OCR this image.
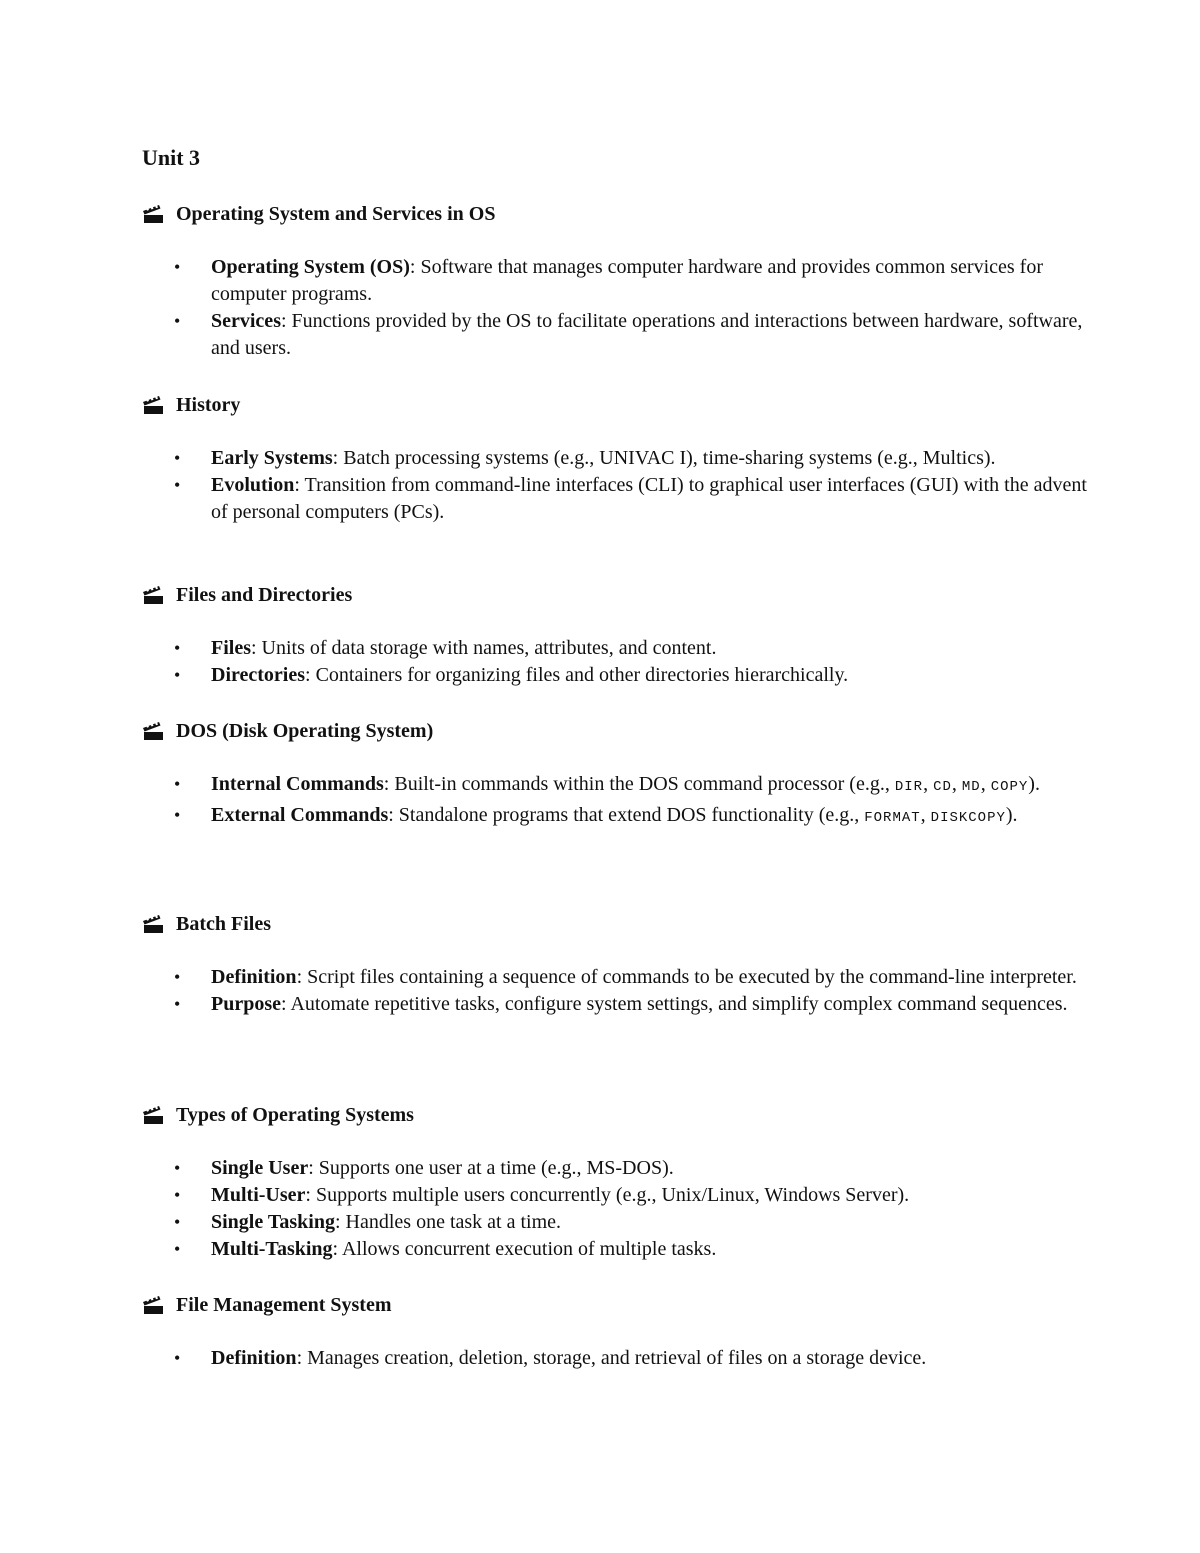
Unit 3
Operating System and Services in OS
• Operating System (OS): Software that manages computer hardware and provides common services for computer programs.
• Services: Functions provided by the OS to facilitate operations and interactions between hardware, software, and users.
History
• Early Systems: Batch processing systems (e.g., UNIVAC I), time-sharing systems (e.g., Multics).
• Evolution: Transition from command-line interfaces (CLI) to graphical user interfaces (GUI) with the advent of personal computers (PCs).
Files and Directories
• Files: Units of data storage with names, attributes, and content.
• Directories: Containers for organizing files and other directories hierarchically.
DOS (Disk Operating System)
• Internal Commands: Built-in commands within the DOS command processor (e.g., DIR, CD, MD, COPY).
• External Commands: Standalone programs that extend DOS functionality (e.g., FORMAT, DISKCOPY).
Batch Files
• Definition: Script files containing a sequence of commands to be executed by the command-line interpreter.
• Purpose: Automate repetitive tasks, configure system settings, and simplify complex command sequences.
Types of Operating Systems
• Single User: Supports one user at a time (e.g., MS-DOS).
• Multi-User: Supports multiple users concurrently (e.g., Unix/Linux, Windows Server).
• Single Tasking: Handles one task at a time.
• Multi-Tasking: Allows concurrent execution of multiple tasks.
File Management System
• Definition: Manages creation, deletion, storage, and retrieval of files on a storage device.
